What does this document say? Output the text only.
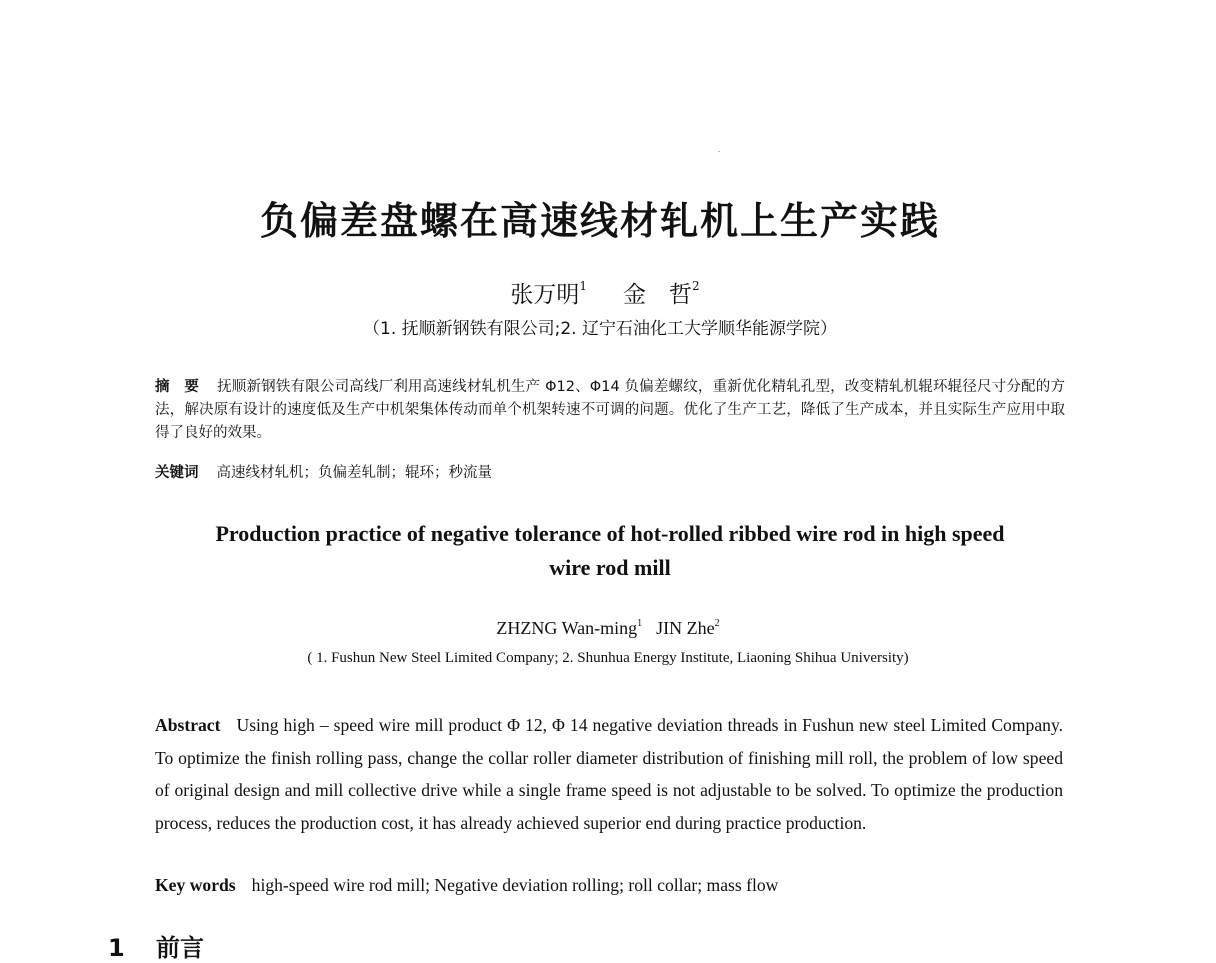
负偏差盘螺在高速线材轧机上生产实践

张万明$^1$ 金　哲$^2$

（1. 抚顺新钢铁有限公司;2. 辽宁石油化工大学顺华能源学院）

摘　要 抚顺新钢铁有限公司高线厂利用高速线材轧机生产 Φ12、Φ14 负偏差螺纹，重新优化精轧孔型，改变精轧机辊环辊径尺寸分配的方法，解决原有设计的速度低及生产中机架集体传动而单个机架转速不可调的问题。优化了生产工艺，降低了生产成本，并且实际生产应用中取得了良好的效果。

关键词 高速线材轧机；负偏差轧制；辊环；秒流量

Production practice of negative tolerance of hot-rolled ribbed wire rod in high speed wire rod mill

ZHZNG Wan-ming$^1$ JIN Zhe$^2$

( 1. Fushun New Steel Limited Company; 2. Shunhua Energy Institute, Liaoning Shihua University)

Abstract Using high – speed wire mill product Φ 12, Φ 14 negative deviation threads in Fushun new steel Limited Company. To optimize the finish rolling pass, change the collar roller diameter distribution of finishing mill roll, the problem of low speed of original design and mill collective drive while a single frame speed is not adjustable to be solved. To optimize the production process, reduces the production cost, it has already achieved superior end during practice production.

Key words high-speed wire rod mill; Negative deviation rolling; roll collar; mass flow

1 前言
